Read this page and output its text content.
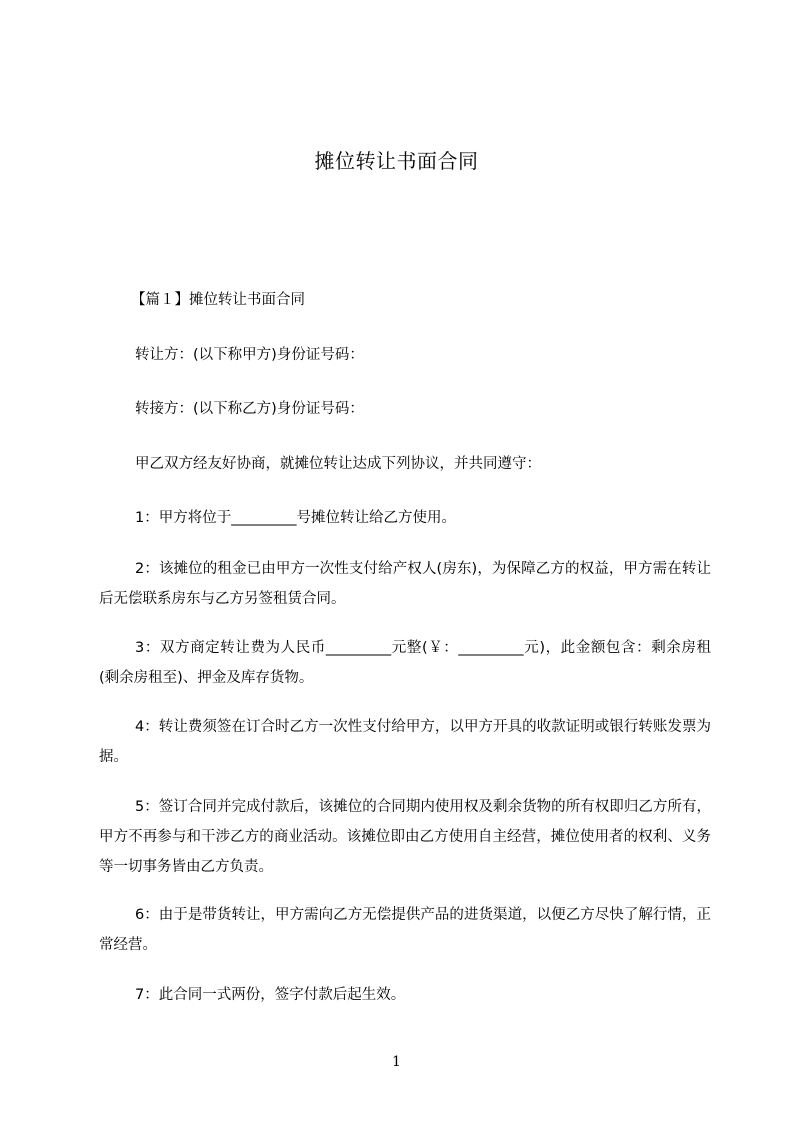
摊位转让书面合同

【篇１】摊位转让书面合同

转让方：(以下称甲方)身份证号码：

转接方：(以下称乙方)身份证号码：

甲乙双方经友好协商，就摊位转让达成下列协议，并共同遵守：

1：甲方将位于_________号摊位转让给乙方使用。

2：该摊位的租金已由甲方一次性支付给产权人(房东)，为保障乙方的权益，甲方需在转让后无偿联系房东与乙方另签租赁合同。

3：双方商定转让费为人民币_________元整(￥：_________元)，此金额包含：剩余房租(剩余房租至)、押金及库存货物。

4：转让费须签在订合时乙方一次性支付给甲方，以甲方开具的收款证明或银行转账发票为据。

5：签订合同并完成付款后，该摊位的合同期内使用权及剩余货物的所有权即归乙方所有，甲方不再参与和干涉乙方的商业活动。该摊位即由乙方使用自主经营，摊位使用者的权利、义务等一切事务皆由乙方负责。

6：由于是带货转让，甲方需向乙方无偿提供产品的进货渠道，以便乙方尽快了解行情，正常经营。

7：此合同一式两份，签字付款后起生效。

1
